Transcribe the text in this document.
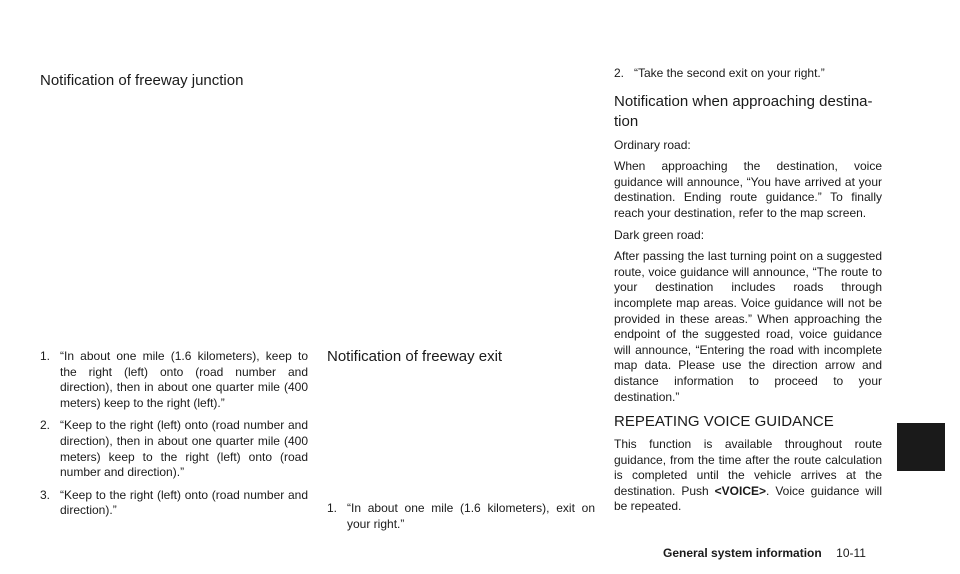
Notification of freeway junction
1. “In about one mile (1.6 kilometers), keep to the right (left) onto (road number and direction), then in about one quarter mile (400 meters) keep to the right (left).”
2. “Keep to the right (left) onto (road number and direction), then in about one quarter mile (400 meters) keep to the right (left) onto (road number and direction).”
3. “Keep to the right (left) onto (road number and direction).”
Notification of freeway exit
1. “In about one mile (1.6 kilometers), exit on your right.”
2. “Take the second exit on your right.”
Notification when approaching destina-tion

Ordinary road:

When approaching the destination, voice guidance will announce, “You have arrived at your destination. Ending route guidance.” To finally reach your destination, refer to the map screen.

Dark green road:

After passing the last turning point on a suggested route, voice guidance will announce, “The route to your destination includes roads through incomplete map areas. Voice guidance will not be provided in these areas.” When approaching the endpoint of the suggested road, voice guidance will announce, “Entering the road with incomplete map data. Please use the direction arrow and distance information to proceed to your destination.”

REPEATING VOICE GUIDANCE

This function is available throughout route guidance, from the time after the route calculation is completed until the vehicle arrives at the destination. Push <VOICE>. Voice guidance will be repeated.

General system information 10-11
